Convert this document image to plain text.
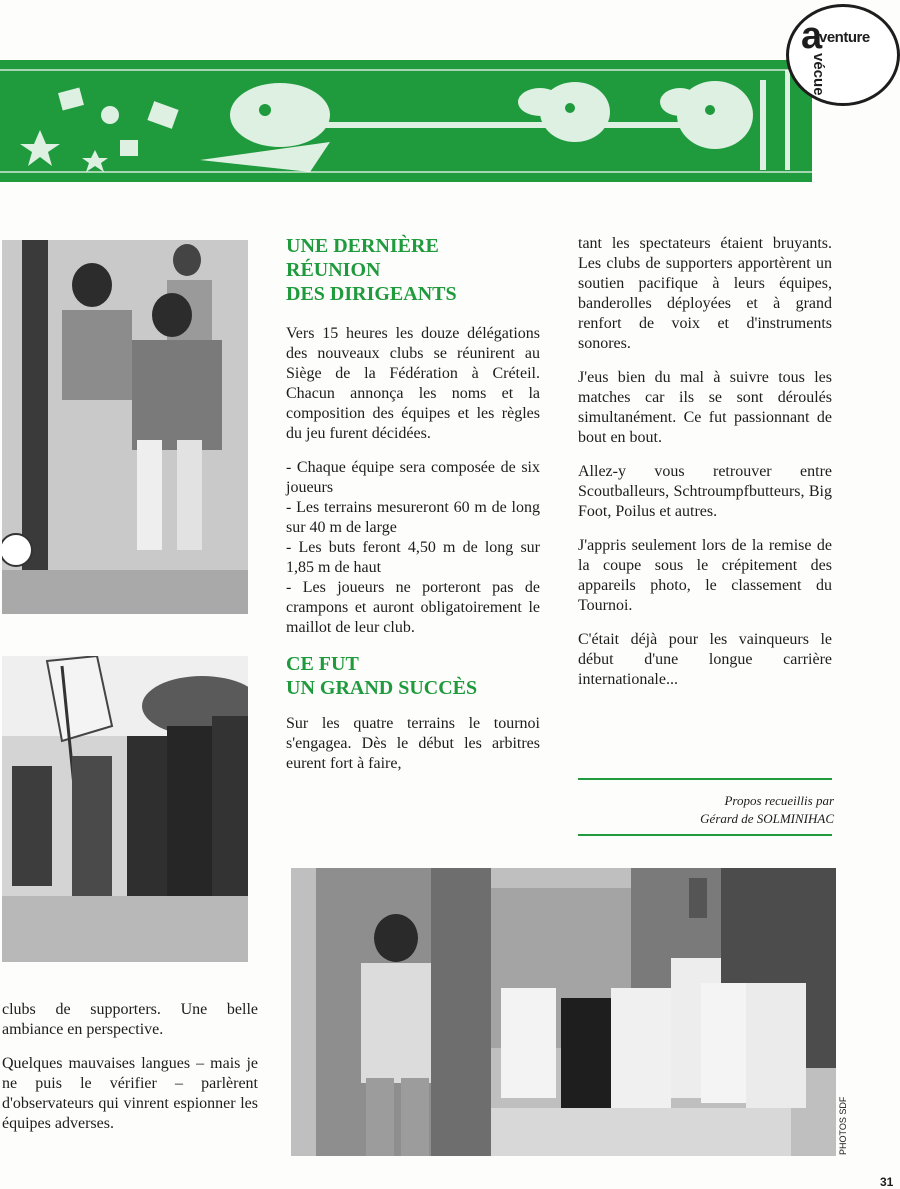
a
venture
vécue
UNE DERNIÈRE
RÉUNION
DES DIRIGEANTS

Vers 15 heures les douze délégations des nouveaux clubs se réunirent au Siège de la Fédération à Créteil. Chacun annonça les noms et la composition des équipes et les règles du jeu furent décidées.

- Chaque équipe sera composée de six joueurs

- Les terrains mesureront 60 m de long sur 40 m de large

- Les buts feront 4,50 m de long sur 1,85 m de haut

- Les joueurs ne porteront pas de crampons et auront obligatoirement le maillot de leur club.

CE FUT
UN GRAND SUCCÈS

Sur les quatre terrains le tournoi s'engagea. Dès le début les arbitres eurent fort à faire,

tant les spectateurs étaient bruyants. Les clubs de supporters apportèrent un soutien pacifique à leurs équipes, banderolles déployées et à grand renfort de voix et d'instruments sonores.

J'eus bien du mal à suivre tous les matches car ils se sont déroulés simultanément. Ce fut passionnant de bout en bout.

Allez-y vous retrouver entre Scoutballeurs, Schtroumpfbutteurs, Big Foot, Poilus et autres.

J'appris seulement lors de la remise de la coupe sous le crépitement des appareils photo, le classement du Tournoi.

C'était déjà pour les vainqueurs le début d'une longue carrière internationale...

Propos recueillis par
Gérard de SOLMINIHAC

clubs de supporters. Une belle ambiance en perspective.

Quelques mauvaises langues – mais je ne puis le vérifier – parlèrent d'observateurs qui vinrent espionner les équipes adverses.	PHOTOS SDF
31
